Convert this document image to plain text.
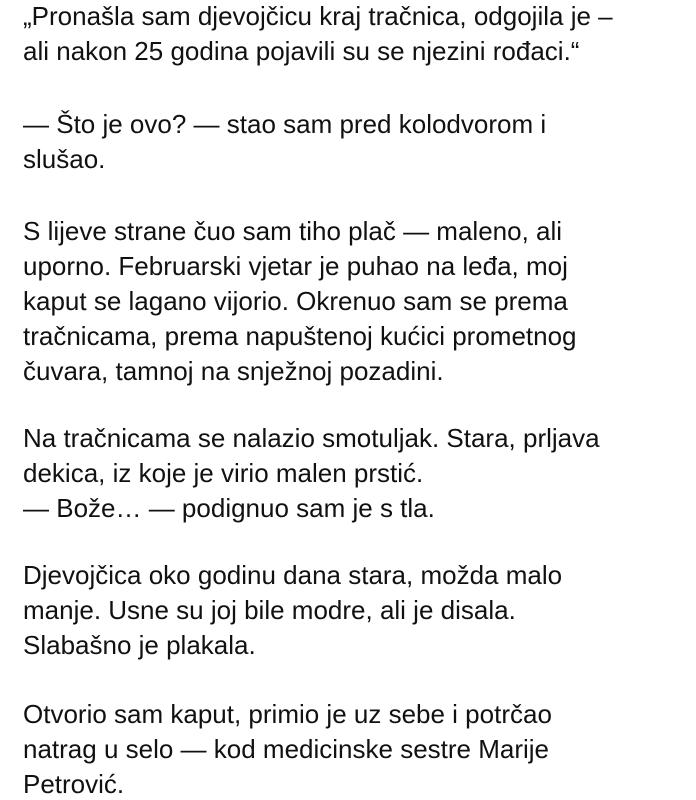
„Pronašla sam djevojčicu kraj tračnica, odgojila je –
ali nakon 25 godina pojavili su se njezini rođaci.“
— Što je ovo? — stao sam pred kolodvorom i
slušao.
S lijeve strane čuo sam tiho plač — maleno, ali
uporno. Februarski vjetar je puhao na leđa, moj
kaput se lagano vijorio. Okrenuo sam se prema
tračnicama, prema napuštenoj kućici prometnog
čuvara, tamnoj na snježnoj pozadini.
Na tračnicama se nalazio smotuljak. Stara, prljava
dekica, iz koje je virio malen prstić.
— Bože… — podignuo sam je s tla.
Djevojčica oko godinu dana stara, možda malo
manje. Usne su joj bile modre, ali je disala.
Slabašno je plakala.
Otvorio sam kaput, primio je uz sebe i potrčao
natrag u selo — kod medicinske sestre Marije
Petrović.
